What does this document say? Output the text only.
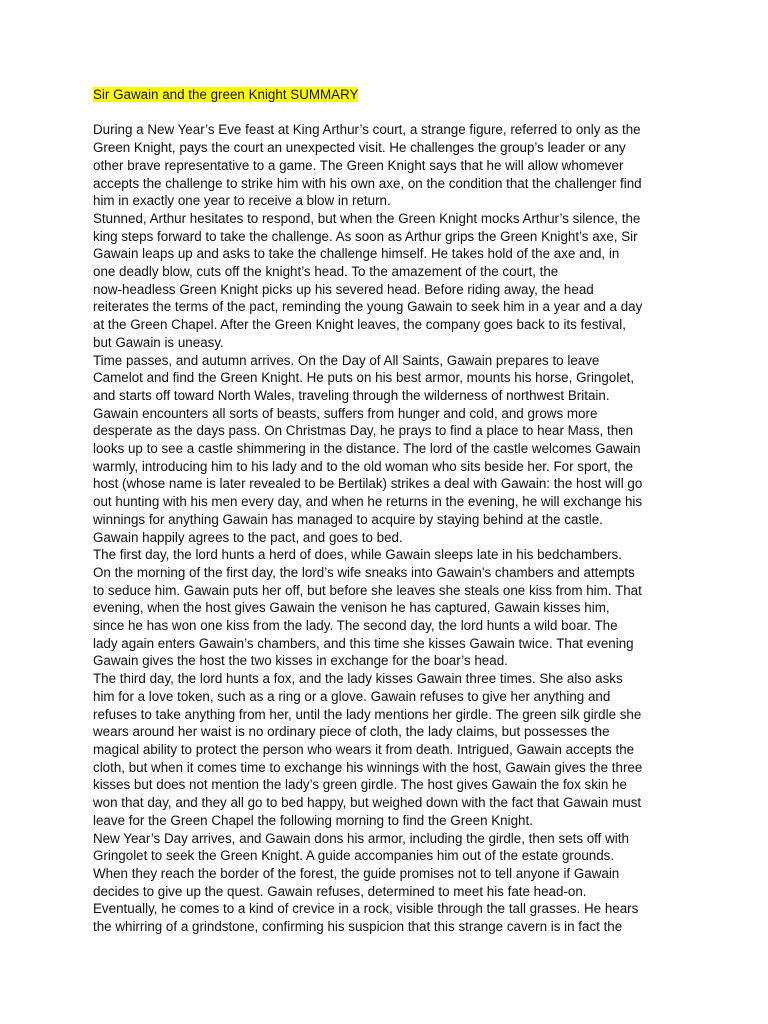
Sir Gawain and the green Knight SUMMARY

During a New Year’s Eve feast at King Arthur’s court, a strange figure, referred to only as the
Green Knight, pays the court an unexpected visit. He challenges the group’s leader or any
other brave representative to a game. The Green Knight says that he will allow whomever
accepts the challenge to strike him with his own axe, on the condition that the challenger find
him in exactly one year to receive a blow in return.

Stunned, Arthur hesitates to respond, but when the Green Knight mocks Arthur’s silence, the
king steps forward to take the challenge. As soon as Arthur grips the Green Knight’s axe, Sir
Gawain leaps up and asks to take the challenge himself. He takes hold of the axe and, in
one deadly blow, cuts off the knight’s head. To the amazement of the court, the
now-headless Green Knight picks up his severed head. Before riding away, the head
reiterates the terms of the pact, reminding the young Gawain to seek him in a year and a day
at the Green Chapel. After the Green Knight leaves, the company goes back to its festival,
but Gawain is uneasy.

Time passes, and autumn arrives. On the Day of All Saints, Gawain prepares to leave
Camelot and find the Green Knight. He puts on his best armor, mounts his horse, Gringolet,
and starts off toward North Wales, traveling through the wilderness of northwest Britain.
Gawain encounters all sorts of beasts, suffers from hunger and cold, and grows more
desperate as the days pass. On Christmas Day, he prays to find a place to hear Mass, then
looks up to see a castle shimmering in the distance. The lord of the castle welcomes Gawain
warmly, introducing him to his lady and to the old woman who sits beside her. For sport, the
host (whose name is later revealed to be Bertilak) strikes a deal with Gawain: the host will go
out hunting with his men every day, and when he returns in the evening, he will exchange his
winnings for anything Gawain has managed to acquire by staying behind at the castle.
Gawain happily agrees to the pact, and goes to bed.

The first day, the lord hunts a herd of does, while Gawain sleeps late in his bedchambers.
On the morning of the first day, the lord’s wife sneaks into Gawain’s chambers and attempts
to seduce him. Gawain puts her off, but before she leaves she steals one kiss from him. That
evening, when the host gives Gawain the venison he has captured, Gawain kisses him,
since he has won one kiss from the lady. The second day, the lord hunts a wild boar. The
lady again enters Gawain’s chambers, and this time she kisses Gawain twice. That evening
Gawain gives the host the two kisses in exchange for the boar’s head.

The third day, the lord hunts a fox, and the lady kisses Gawain three times. She also asks
him for a love token, such as a ring or a glove. Gawain refuses to give her anything and
refuses to take anything from her, until the lady mentions her girdle. The green silk girdle she
wears around her waist is no ordinary piece of cloth, the lady claims, but possesses the
magical ability to protect the person who wears it from death. Intrigued, Gawain accepts the
cloth, but when it comes time to exchange his winnings with the host, Gawain gives the three
kisses but does not mention the lady’s green girdle. The host gives Gawain the fox skin he
won that day, and they all go to bed happy, but weighed down with the fact that Gawain must
leave for the Green Chapel the following morning to find the Green Knight.

New Year’s Day arrives, and Gawain dons his armor, including the girdle, then sets off with
Gringolet to seek the Green Knight. A guide accompanies him out of the estate grounds.
When they reach the border of the forest, the guide promises not to tell anyone if Gawain
decides to give up the quest. Gawain refuses, determined to meet his fate head-on.
Eventually, he comes to a kind of crevice in a rock, visible through the tall grasses. He hears
the whirring of a grindstone, confirming his suspicion that this strange cavern is in fact the
